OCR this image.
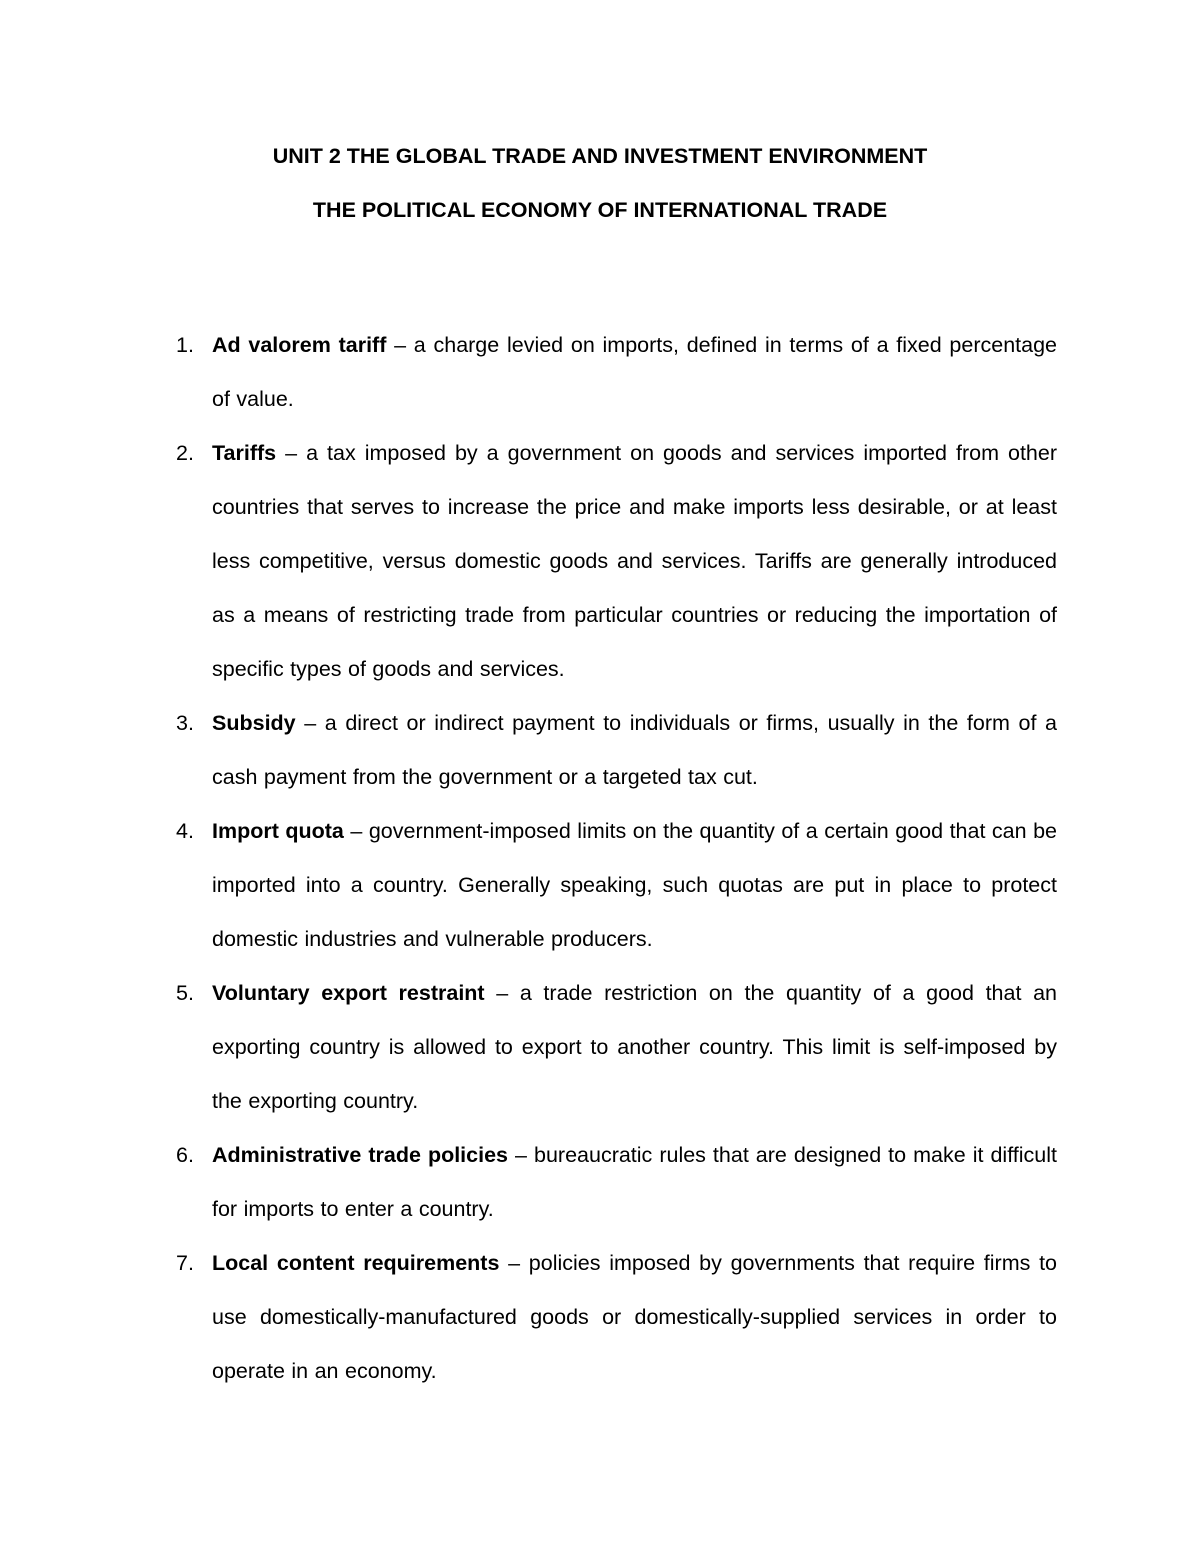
UNIT 2 THE GLOBAL TRADE AND INVESTMENT ENVIRONMENT
THE POLITICAL ECONOMY OF INTERNATIONAL TRADE
1. Ad valorem tariff – a charge levied on imports, defined in terms of a fixed percentage of value.
2. Tariffs – a tax imposed by a government on goods and services imported from other countries that serves to increase the price and make imports less desirable, or at least less competitive, versus domestic goods and services. Tariffs are generally introduced as a means of restricting trade from particular countries or reducing the importation of specific types of goods and services.
3. Subsidy – a direct or indirect payment to individuals or firms, usually in the form of a cash payment from the government or a targeted tax cut.
4. Import quota – government-imposed limits on the quantity of a certain good that can be imported into a country. Generally speaking, such quotas are put in place to protect domestic industries and vulnerable producers.
5. Voluntary export restraint – a trade restriction on the quantity of a good that an exporting country is allowed to export to another country. This limit is self-imposed by the exporting country.
6. Administrative trade policies – bureaucratic rules that are designed to make it difficult for imports to enter a country.
7. Local content requirements – policies imposed by governments that require firms to use domestically-manufactured goods or domestically-supplied services in order to operate in an economy.
